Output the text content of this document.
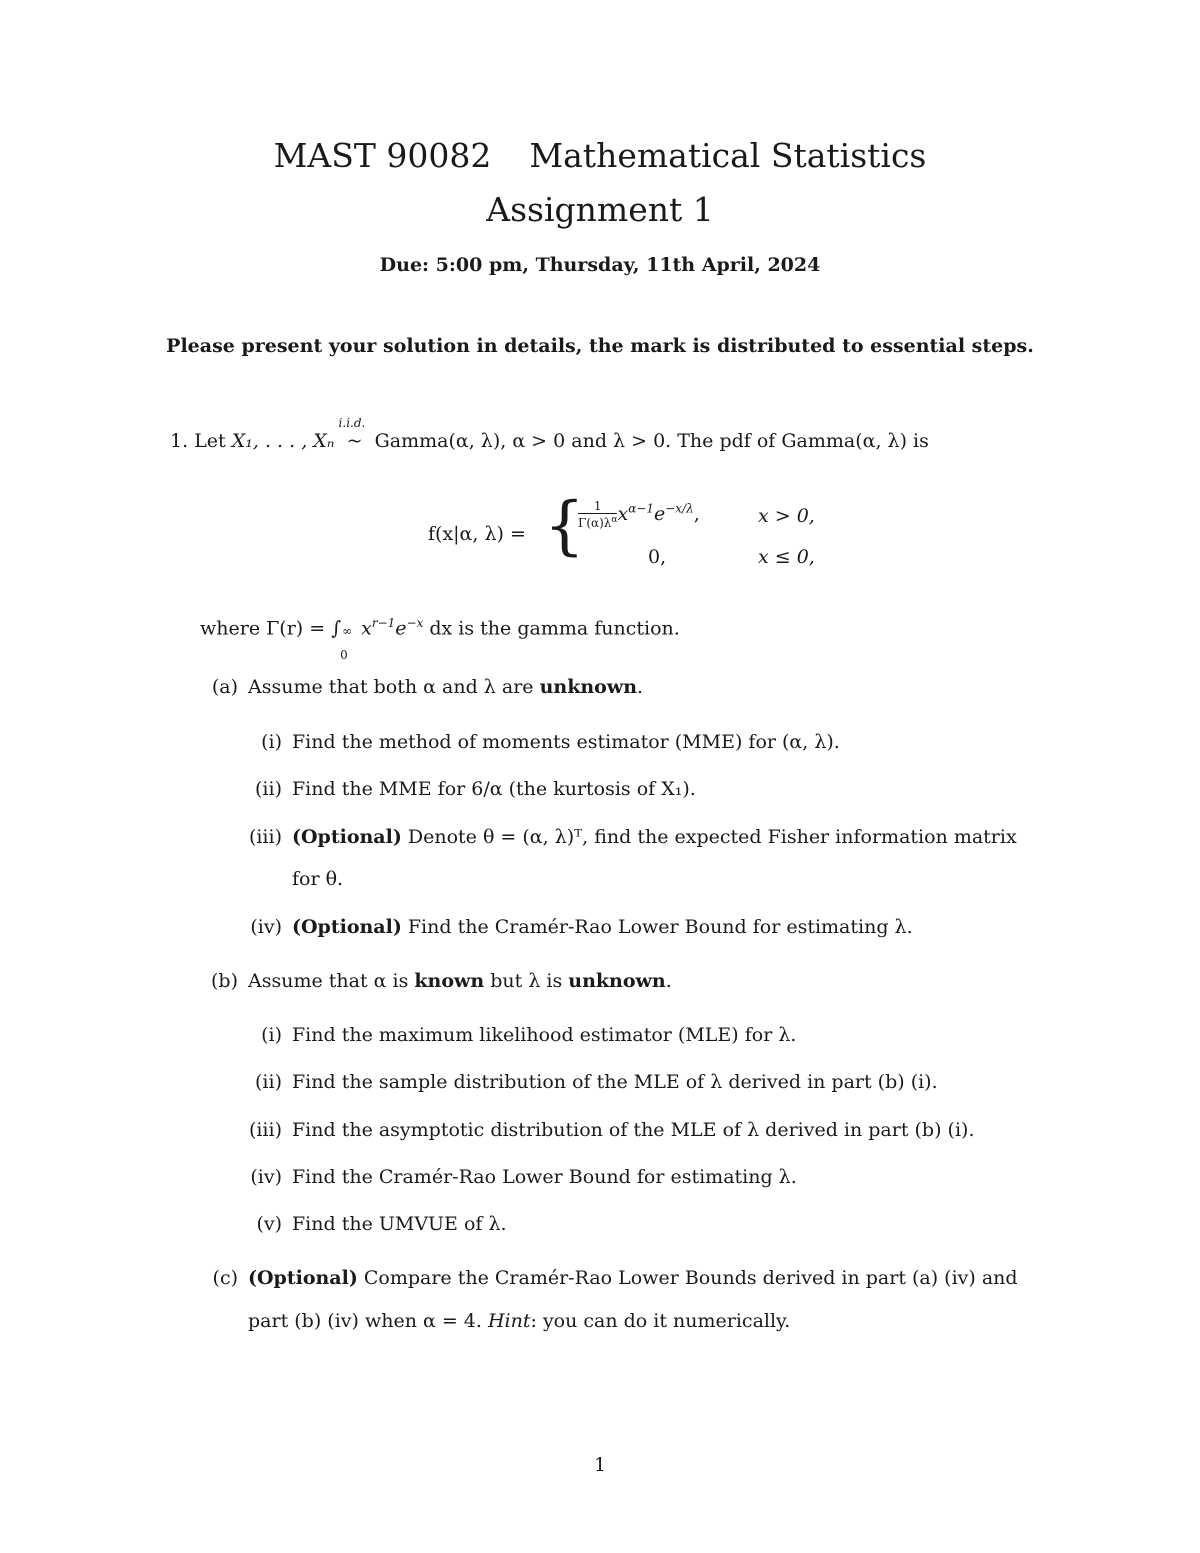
MAST 90082 Mathematical Statistics
Assignment 1
Due: 5:00 pm, Thursday, 11th April, 2024
Please present your solution in details, the mark is distributed to essential steps.
1. Let X₁, . . . , Xₙ
i.i.d.
~ Gamma(α, λ), α > 0 and λ > 0. The pdf of Gamma(α, λ) is
f(x|α, λ) = {
$\frac{1}{\Gamma(\alpha)\lambda^\alpha} x^{\alpha-1}e^{-x/\lambda}$,	x > 0,
0,	x ≤ 0,
where Γ(r) = ∫ ∞
0
$x^{r-1}e^{-x}$ dx is the gamma function.
(a) Assume that both α and λ are unknown.
(i) Find the method of moments estimator (MME) for (α, λ).
(ii) Find the MME for 6/α (the kurtosis of X₁).
(iii) (Optional) Denote θ = (α, λ)ᵀ, find the expected Fisher information matrix
for θ.
(iv) (Optional) Find the Cramér-Rao Lower Bound for estimating λ.
(b) Assume that α is known but λ is unknown.
(i) Find the maximum likelihood estimator (MLE) for λ.
(ii) Find the sample distribution of the MLE of λ derived in part (b) (i).
(iii) Find the asymptotic distribution of the MLE of λ derived in part (b) (i).
(iv) Find the Cramér-Rao Lower Bound for estimating λ.
(v) Find the UMVUE of λ.
(c) (Optional) Compare the Cramér-Rao Lower Bounds derived in part (a) (iv) and
part (b) (iv) when α = 4. Hint: you can do it numerically.
1
